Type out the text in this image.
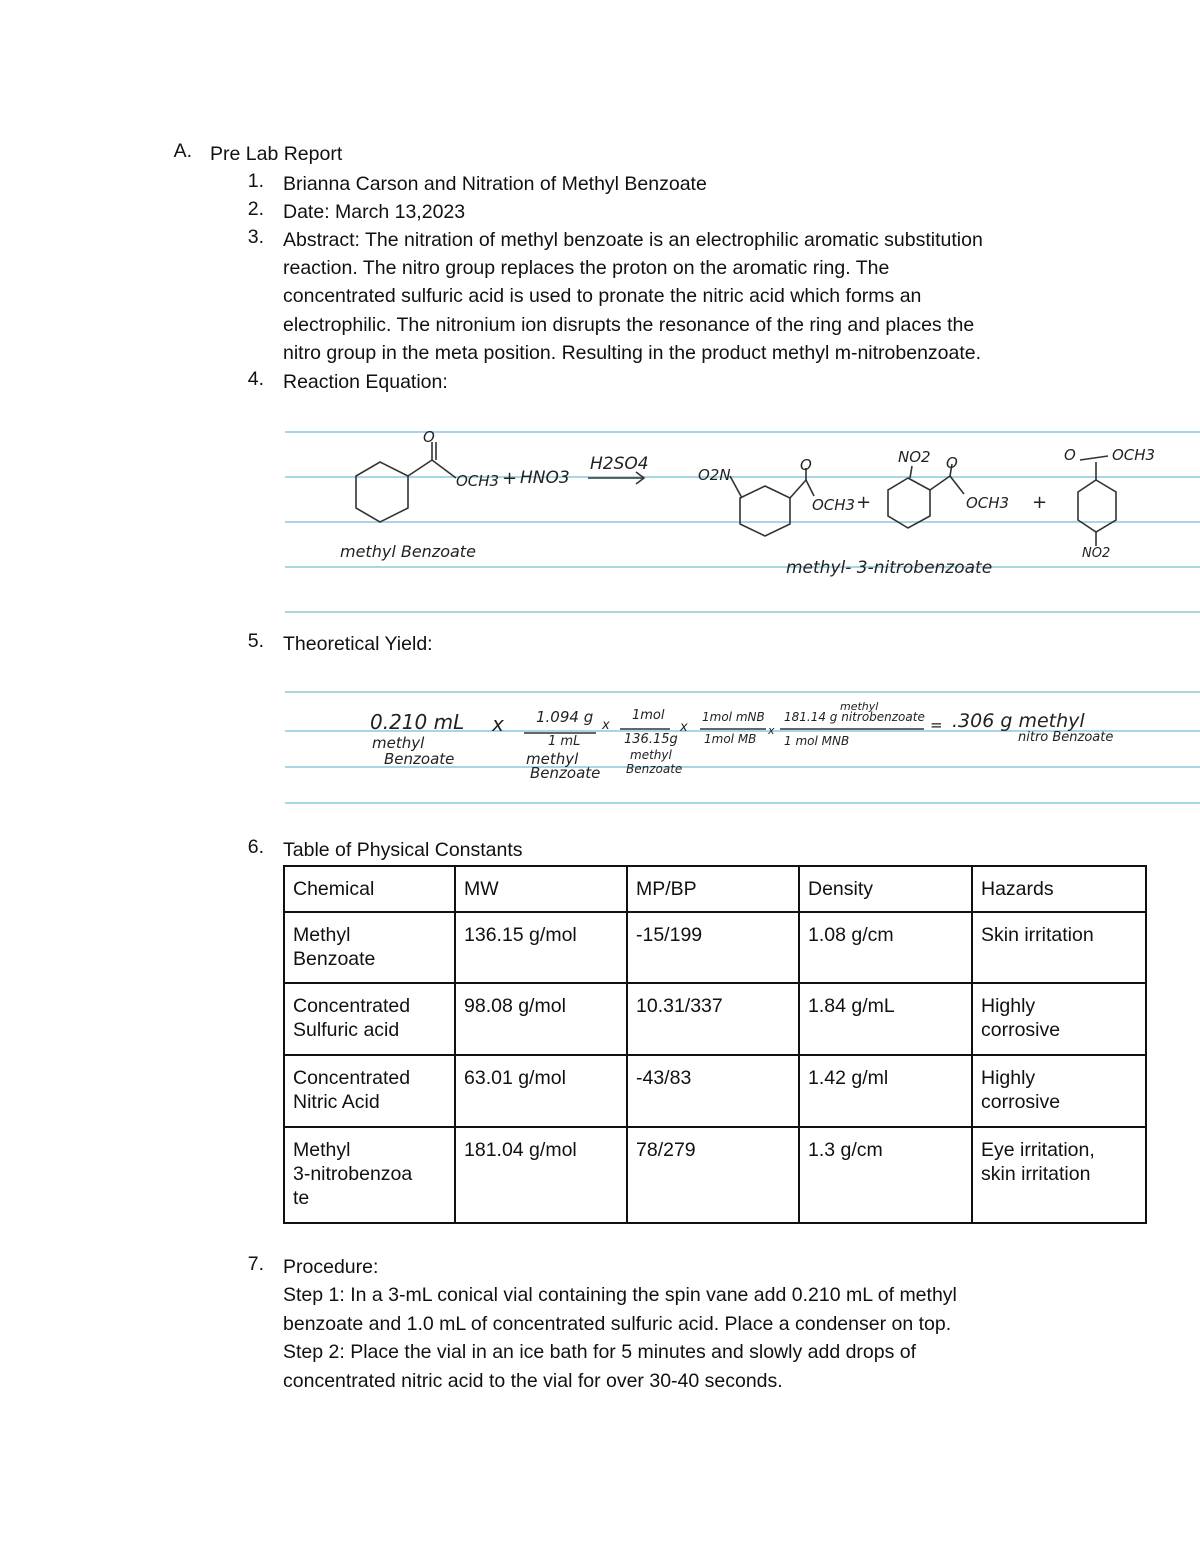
A. Pre Lab Report
1. Brianna Carson and Nitration of Methyl Benzoate
2. Date: March 13,2023
3. Abstract: The nitration of methyl benzoate is an electrophilic aromatic substitution
reaction. The nitro group replaces the proton on the aromatic ring. The
concentrated sulfuric acid is used to pronate the nitric acid which forms an
electrophilic. The nitronium ion disrupts the resonance of the ring and places the
nitro group in the meta position. Resulting in the product methyl m-nitrobenzoate.
4. Reaction Equation:
O
OCH3 + HNO3
H2SO4
O2N
O
OCH3 +
NO2 O
OCH3 +
O OCH3
NO2
methyl Benzoate
methyl- 3-nitrobenzoate
5. Theoretical Yield:
0.210 mL
methyl
Benzoate
x 1.094 g
1 mL
methyl
Benzoate
x
1mol
136.15g
methyl
Benzoate
x
1mol mNB
1mol MB
x
methyl
181.14 g nitrobenzoate
1 mol MNB
= .306 g methyl
nitro Benzoate
6. Table of Physical Constants
Chemical	MW	MP/BP	Density	Hazards
Methyl
Benzoate	136.15 g/mol	-15/199	1.08 g/cm	Skin irritation
Concentrated
Sulfuric acid	98.08 g/mol	10.31/337	1.84 g/mL	Highly
corrosive
Concentrated
Nitric Acid	63.01 g/mol	-43/83	1.42 g/ml	Highly
corrosive
Methyl
3-nitrobenzoa
te	181.04 g/mol	78/279	1.3 g/cm	Eye irritation,
skin irritation
7. Procedure:
Step 1: In a 3-mL conical vial containing the spin vane add 0.210 mL of methyl
benzoate and 1.0 mL of concentrated sulfuric acid. Place a condenser on top.
Step 2: Place the vial in an ice bath for 5 minutes and slowly add drops of
concentrated nitric acid to the vial for over 30-40 seconds.
